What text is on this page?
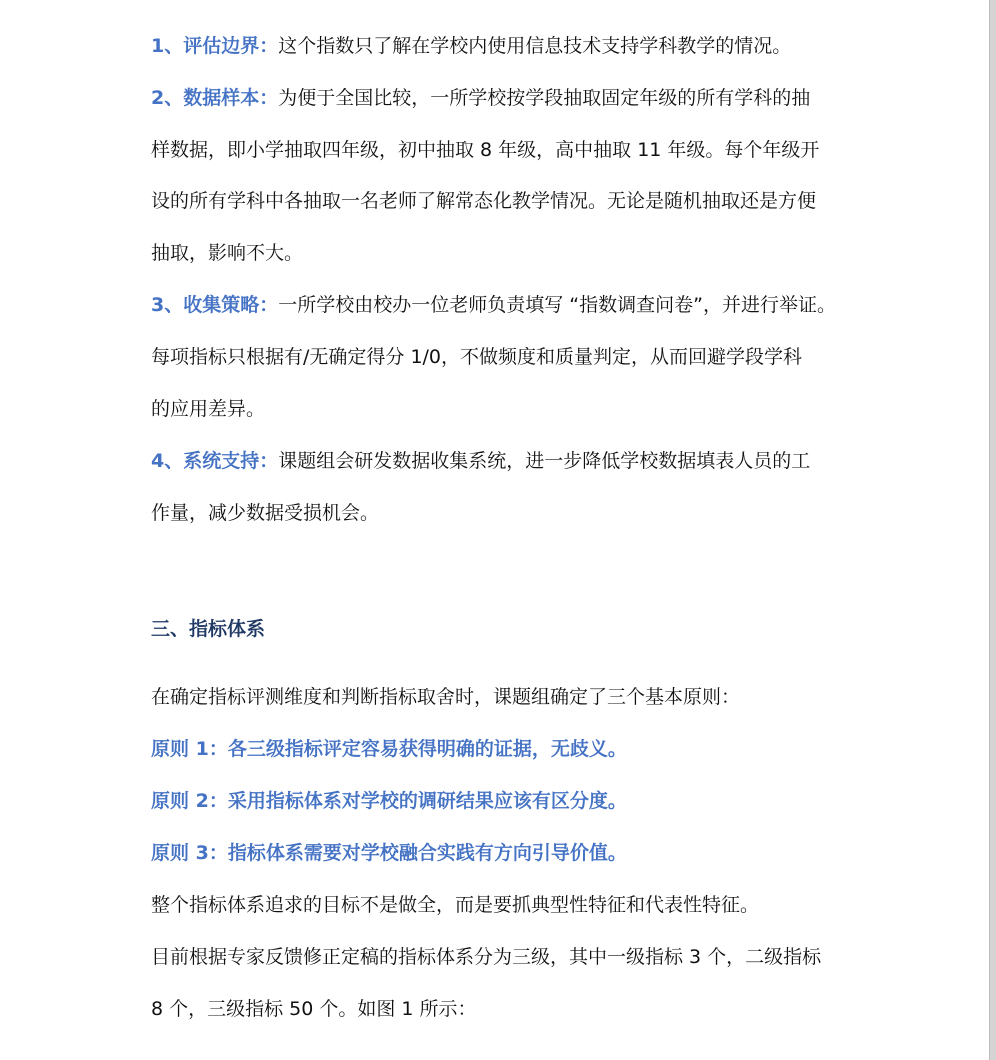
1、评估边界：这个指数只了解在学校内使用信息技术支持学科教学的情况。
2、数据样本：为便于全国比较，一所学校按学段抽取固定年级的所有学科的抽
样数据，即小学抽取四年级，初中抽取 8 年级，高中抽取 11 年级。每个年级开
设的所有学科中各抽取一名老师了解常态化教学情况。无论是随机抽取还是方便
抽取，影响不大。
3、收集策略：一所学校由校办一位老师负责填写 “指数调查问卷”，并进行举证。
每项指标只根据有/无确定得分 1/0，不做频度和质量判定，从而回避学段学科
的应用差异。
4、系统支持：课题组会研发数据收集系统，进一步降低学校数据填表人员的工
作量，减少数据受损机会。
三、指标体系
在确定指标评测维度和判断指标取舍时，课题组确定了三个基本原则：
原则 1：各三级指标评定容易获得明确的证据，无歧义。
原则 2：采用指标体系对学校的调研结果应该有区分度。
原则 3：指标体系需要对学校融合实践有方向引导价值。
整个指标体系追求的目标不是做全，而是要抓典型性特征和代表性特征。
目前根据专家反馈修正定稿的指标体系分为三级，其中一级指标 3 个，二级指标
8 个，三级指标 50 个。如图 1 所示：
